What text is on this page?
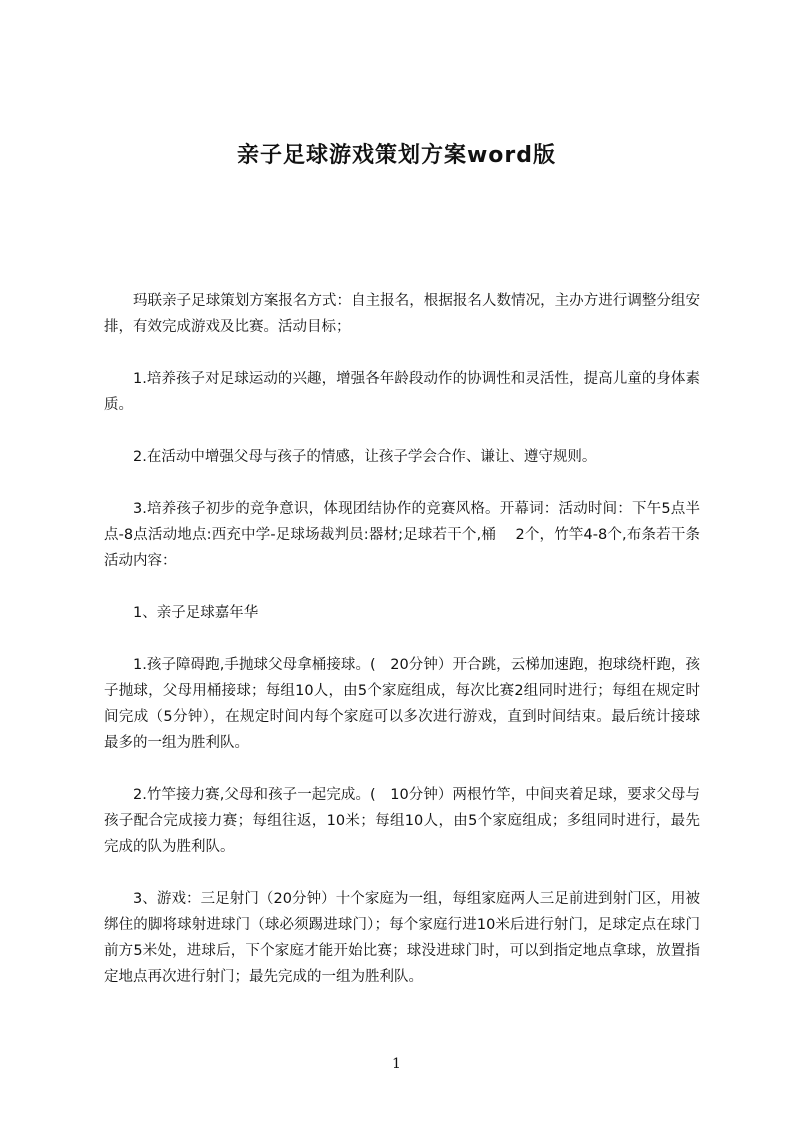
亲子足球游戏策划方案word版

玛联亲子足球策划方案报名方式：自主报名，根据报名人数情况，主办方进行调整分组安排，有效完成游戏及比赛。活动目标；

1.培养孩子对足球运动的兴趣，增强各年龄段动作的协调性和灵活性，提高儿童的身体素质。

2.在活动中增强父母与孩子的情感，让孩子学会合作、谦让、遵守规则。

3.培养孩子初步的竞争意识，体现团结协作的竞赛风格。开幕词：活动时间：下午5点半点-8点活动地点:西充中学-足球场裁判员:器材;足球若干个,桶　 2个，竹竿4-8个,布条若干条活动内容：

1、亲子足球嘉年华

1.孩子障碍跑,手抛球父母拿桶接球。(　20分钟）开合跳，云梯加速跑，抱球绕杆跑，孩子抛球，父母用桶接球；每组10人，由5个家庭组成，每次比赛2组同时进行；每组在规定时间完成（5分钟），在规定时间内每个家庭可以多次进行游戏，直到时间结束。最后统计接球最多的一组为胜利队。

2.竹竿接力赛,父母和孩子一起完成。(　10分钟）两根竹竿，中间夹着足球，要求父母与孩子配合完成接力赛；每组往返，10米；每组10人，由5个家庭组成；多组同时进行，最先完成的队为胜利队。

3、游戏：三足射门（20分钟）十个家庭为一组，每组家庭两人三足前进到射门区，用被绑住的脚将球射进球门（球必须踢进球门）；每个家庭行进10米后进行射门，足球定点在球门前方5米处，进球后，下个家庭才能开始比赛；球没进球门时，可以到指定地点拿球，放置指定地点再次进行射门；最先完成的一组为胜利队。

1
